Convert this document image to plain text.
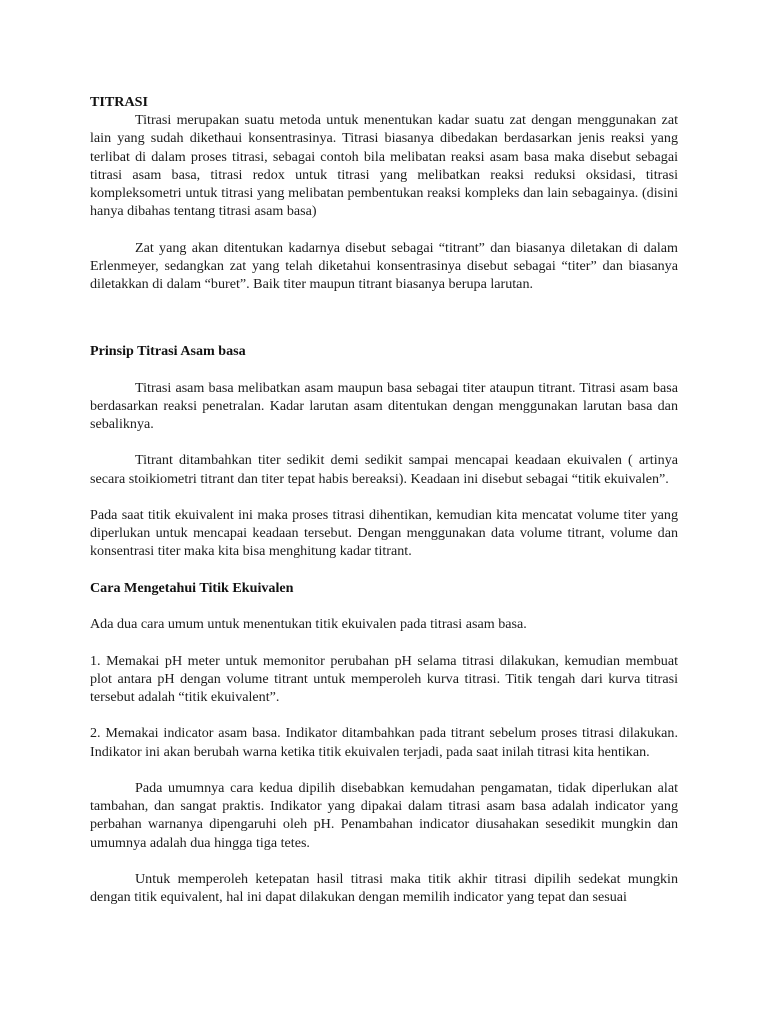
TITRASI

Titrasi merupakan suatu metoda untuk menentukan kadar suatu zat dengan menggunakan zat lain yang sudah dikethaui konsentrasinya. Titrasi biasanya dibedakan berdasarkan jenis reaksi yang terlibat di dalam proses titrasi, sebagai contoh bila melibatan reaksi asam basa maka disebut sebagai titrasi asam basa, titrasi redox untuk titrasi yang melibatkan reaksi reduksi oksidasi, titrasi kompleksometri untuk titrasi yang melibatan pembentukan reaksi kompleks dan lain sebagainya. (disini hanya dibahas tentang titrasi asam basa)

Zat yang akan ditentukan kadarnya disebut sebagai “titrant” dan biasanya diletakan di dalam Erlenmeyer, sedangkan zat yang telah diketahui konsentrasinya disebut sebagai “titer” dan biasanya diletakkan di dalam “buret”. Baik titer maupun titrant biasanya berupa larutan.

Prinsip Titrasi Asam basa

Titrasi asam basa melibatkan asam maupun basa sebagai titer ataupun titrant. Titrasi asam basa berdasarkan reaksi penetralan. Kadar larutan asam ditentukan dengan menggunakan larutan basa dan sebaliknya.

Titrant ditambahkan titer sedikit demi sedikit sampai mencapai keadaan ekuivalen ( artinya secara stoikiometri titrant dan titer tepat habis bereaksi). Keadaan ini disebut sebagai “titik ekuivalen”.

Pada saat titik ekuivalent ini maka proses titrasi dihentikan, kemudian kita mencatat volume titer yang diperlukan untuk mencapai keadaan tersebut. Dengan menggunakan data volume titrant, volume dan konsentrasi titer maka kita bisa menghitung kadar titrant.

Cara Mengetahui Titik Ekuivalen

Ada dua cara umum untuk menentukan titik ekuivalen pada titrasi asam basa.

1. Memakai pH meter untuk memonitor perubahan pH selama titrasi dilakukan, kemudian membuat plot antara pH dengan volume titrant untuk memperoleh kurva titrasi. Titik tengah dari kurva titrasi tersebut adalah “titik ekuivalent”.

2. Memakai indicator asam basa. Indikator ditambahkan pada titrant sebelum proses titrasi dilakukan. Indikator ini akan berubah warna ketika titik ekuivalen terjadi, pada saat inilah titrasi kita hentikan.

Pada umumnya cara kedua dipilih disebabkan kemudahan pengamatan, tidak diperlukan alat tambahan, dan sangat praktis. Indikator yang dipakai dalam titrasi asam basa adalah indicator yang perbahan warnanya dipengaruhi oleh pH. Penambahan indicator diusahakan sesedikit mungkin dan umumnya adalah dua hingga tiga tetes.

Untuk memperoleh ketepatan hasil titrasi maka titik akhir titrasi dipilih sedekat mungkin dengan titik equivalent, hal ini dapat dilakukan dengan memilih indicator yang tepat dan sesuai
